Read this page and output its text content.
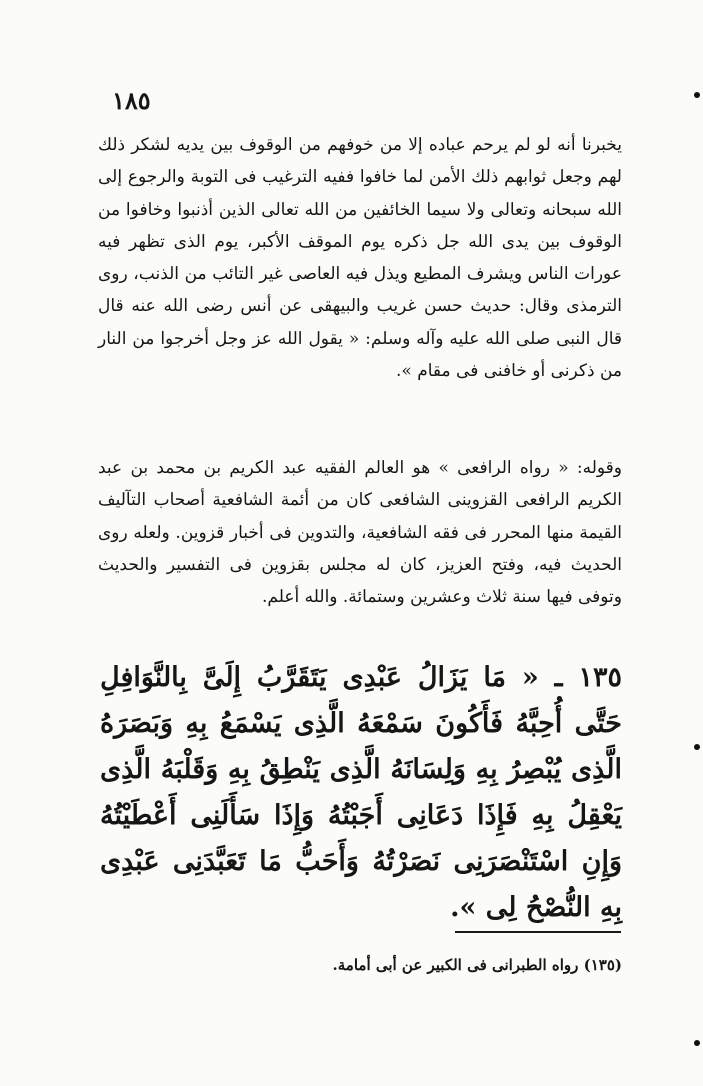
١٨٥

يخبرنا أنه لو لم يرحم عباده إلا من خوفهم من الوقوف بين يديه لشكر ذلك لهم وجعل ثوابهم ذلك الأمن لما خافوا ففيه الترغيب فى التوبة والرجوع إلى الله سبحانه وتعالى ولا سيما الخائفين من الله تعالى الذين أذنبوا وخافوا من الوقوف بين يدى الله جل ذكره يوم الموقف الأكبر، يوم الذى تظهر فيه عورات الناس ويشرف المطيع ويذل فيه العاصى غير التائب من الذنب، روى الترمذى وقال: حديث حسن غريب والبيهقى عن أنس رضى الله عنه قال قال النبى صلى الله عليه وآله وسلم: « يقول الله عز وجل أخرجوا من النار من ذكرنى أو خافنى فى مقام ».

وقوله: « رواه الرافعى » هو العالم الفقيه عبد الكريم بن محمد بن عبد الكريم الرافعى القزوينى الشافعى كان من أئمة الشافعية أصحاب التآليف القيمة منها المحرر فى فقه الشافعية، والتدوين فى أخبار قزوين. ولعله روى الحديث فيه، وفتح العزيز، كان له مجلس بقزوين فى التفسير والحديث وتوفى فيها سنة ثلاث وعشرين وستمائة. والله أعلم.

١٣٥ ـ « مَا يَزَالُ عَبْدِى يَتَقَرَّبُ إِلَىَّ بِالنَّوَافِلِ حَتَّى أُحِبَّهُ فَأَكُونَ سَمْعَهُ الَّذِى يَسْمَعُ بِهِ وَبَصَرَهُ الَّذِى يُبْصِرُ بِهِ وَلِسَانَهُ الَّذِى يَنْطِقُ بِهِ وَقَلْبَهُ الَّذِى يَعْقِلُ بِهِ فَإِذَا دَعَانِى أَجَبْتُهُ وَإِذَا سَأَلَنِى أَعْطَيْتُهُ وَإِنِ اسْتَنْصَرَنِى نَصَرْتُهُ وَأَحَبُّ مَا تَعَبَّدَنِى عَبْدِى بِهِ النُّصْحُ لِى ».

(١٣٥) رواه الطبرانى فى الكبير عن أبى أمامة.
